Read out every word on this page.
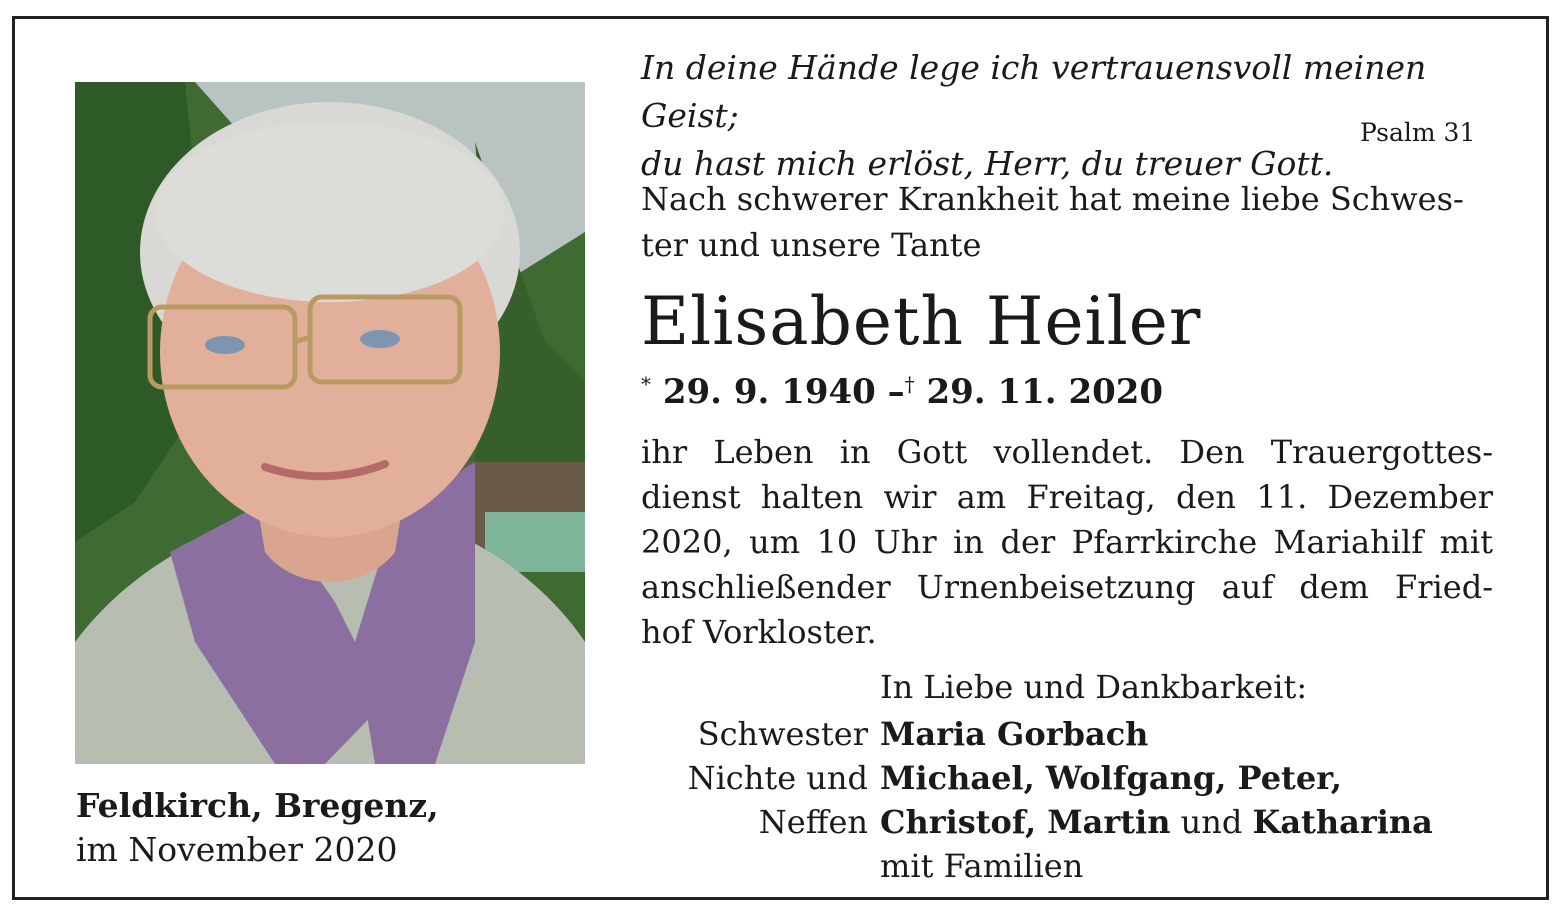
Feldkirch, Bregenz,
im November 2020
In deine Hände lege ich vertrauensvoll meinen Geist;
du hast mich erlöst, Herr, du treuer Gott.
Psalm 31
Nach schwerer Krankheit hat meine liebe Schwes-
ter und unsere Tante
Elisabeth Heiler
* 29. 9. 1940 –† 29. 11. 2020
ihr Leben in Gott vollendet. Den Trauergottes-
dienst halten wir am Freitag, den 11. Dezember
2020, um 10 Uhr in der Pfarrkirche Mariahilf mit
anschließender Urnenbeisetzung auf dem Fried-
hof Vorkloster.
In Liebe und Dankbarkeit:
Schwester
Nichte und
Neffen
Maria Gorbach
Michael, Wolfgang, Peter,
Christof, Martin und Katharina
mit Familien
